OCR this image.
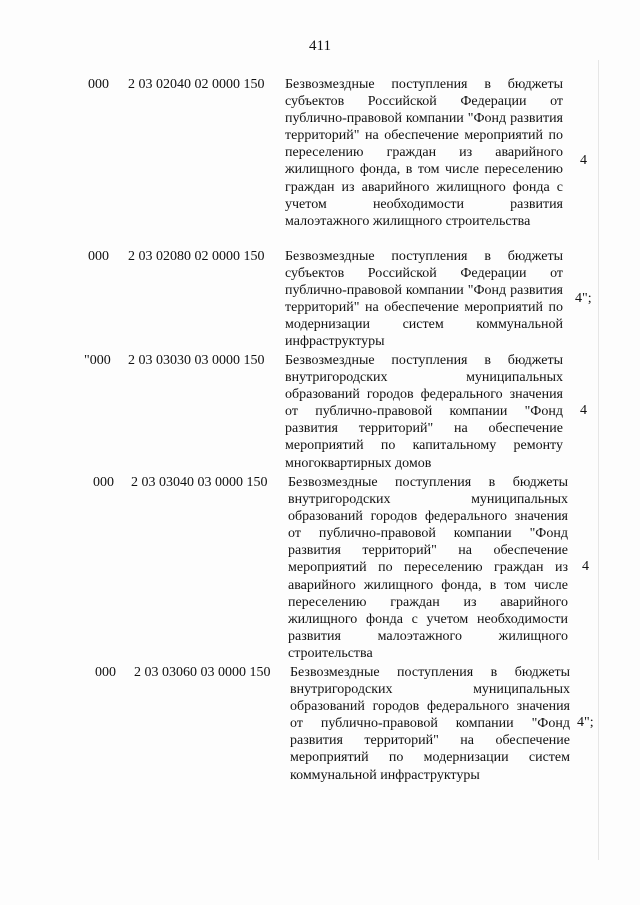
411
000 2 03 02040 02 0000 150 Безвозмездные поступления в бюджеты субъектов Российской Федерации от публично-правовой компании "Фонд развития территорий" на обеспечение мероприятий по переселению граждан из аварийного жилищного фонда, в том числе переселению граждан из аварийного жилищного фонда с учетом необходимости развития малоэтажного жилищного строительства
4
000 2 03 02080 02 0000 150 Безвозмездные поступления в бюджеты субъектов Российской Федерации от публично-правовой компании "Фонд развития территорий" на обеспечение мероприятий по модернизации систем коммунальной инфраструктуры
4";
"000 2 03 03030 03 0000 150 Безвозмездные поступления в бюджеты внутригородских муниципальных образований городов федерального значения от публично-правовой компании "Фонд развития территорий" на обеспечение мероприятий по капитальному ремонту многоквартирных домов
4
000 2 03 03040 03 0000 150 Безвозмездные поступления в бюджеты внутригородских муниципальных образований городов федерального значения от публично-правовой компании "Фонд развития территорий" на обеспечение мероприятий по переселению граждан из аварийного жилищного фонда, в том числе переселению граждан из аварийного жилищного фонда с учетом необходимости развития малоэтажного жилищного строительства
4
000 2 03 03060 03 0000 150 Безвозмездные поступления в бюджеты внутригородских муниципальных образований городов федерального значения от публично-правовой компании "Фонд развития территорий" на обеспечение мероприятий по модернизации систем коммунальной инфраструктуры
4";
